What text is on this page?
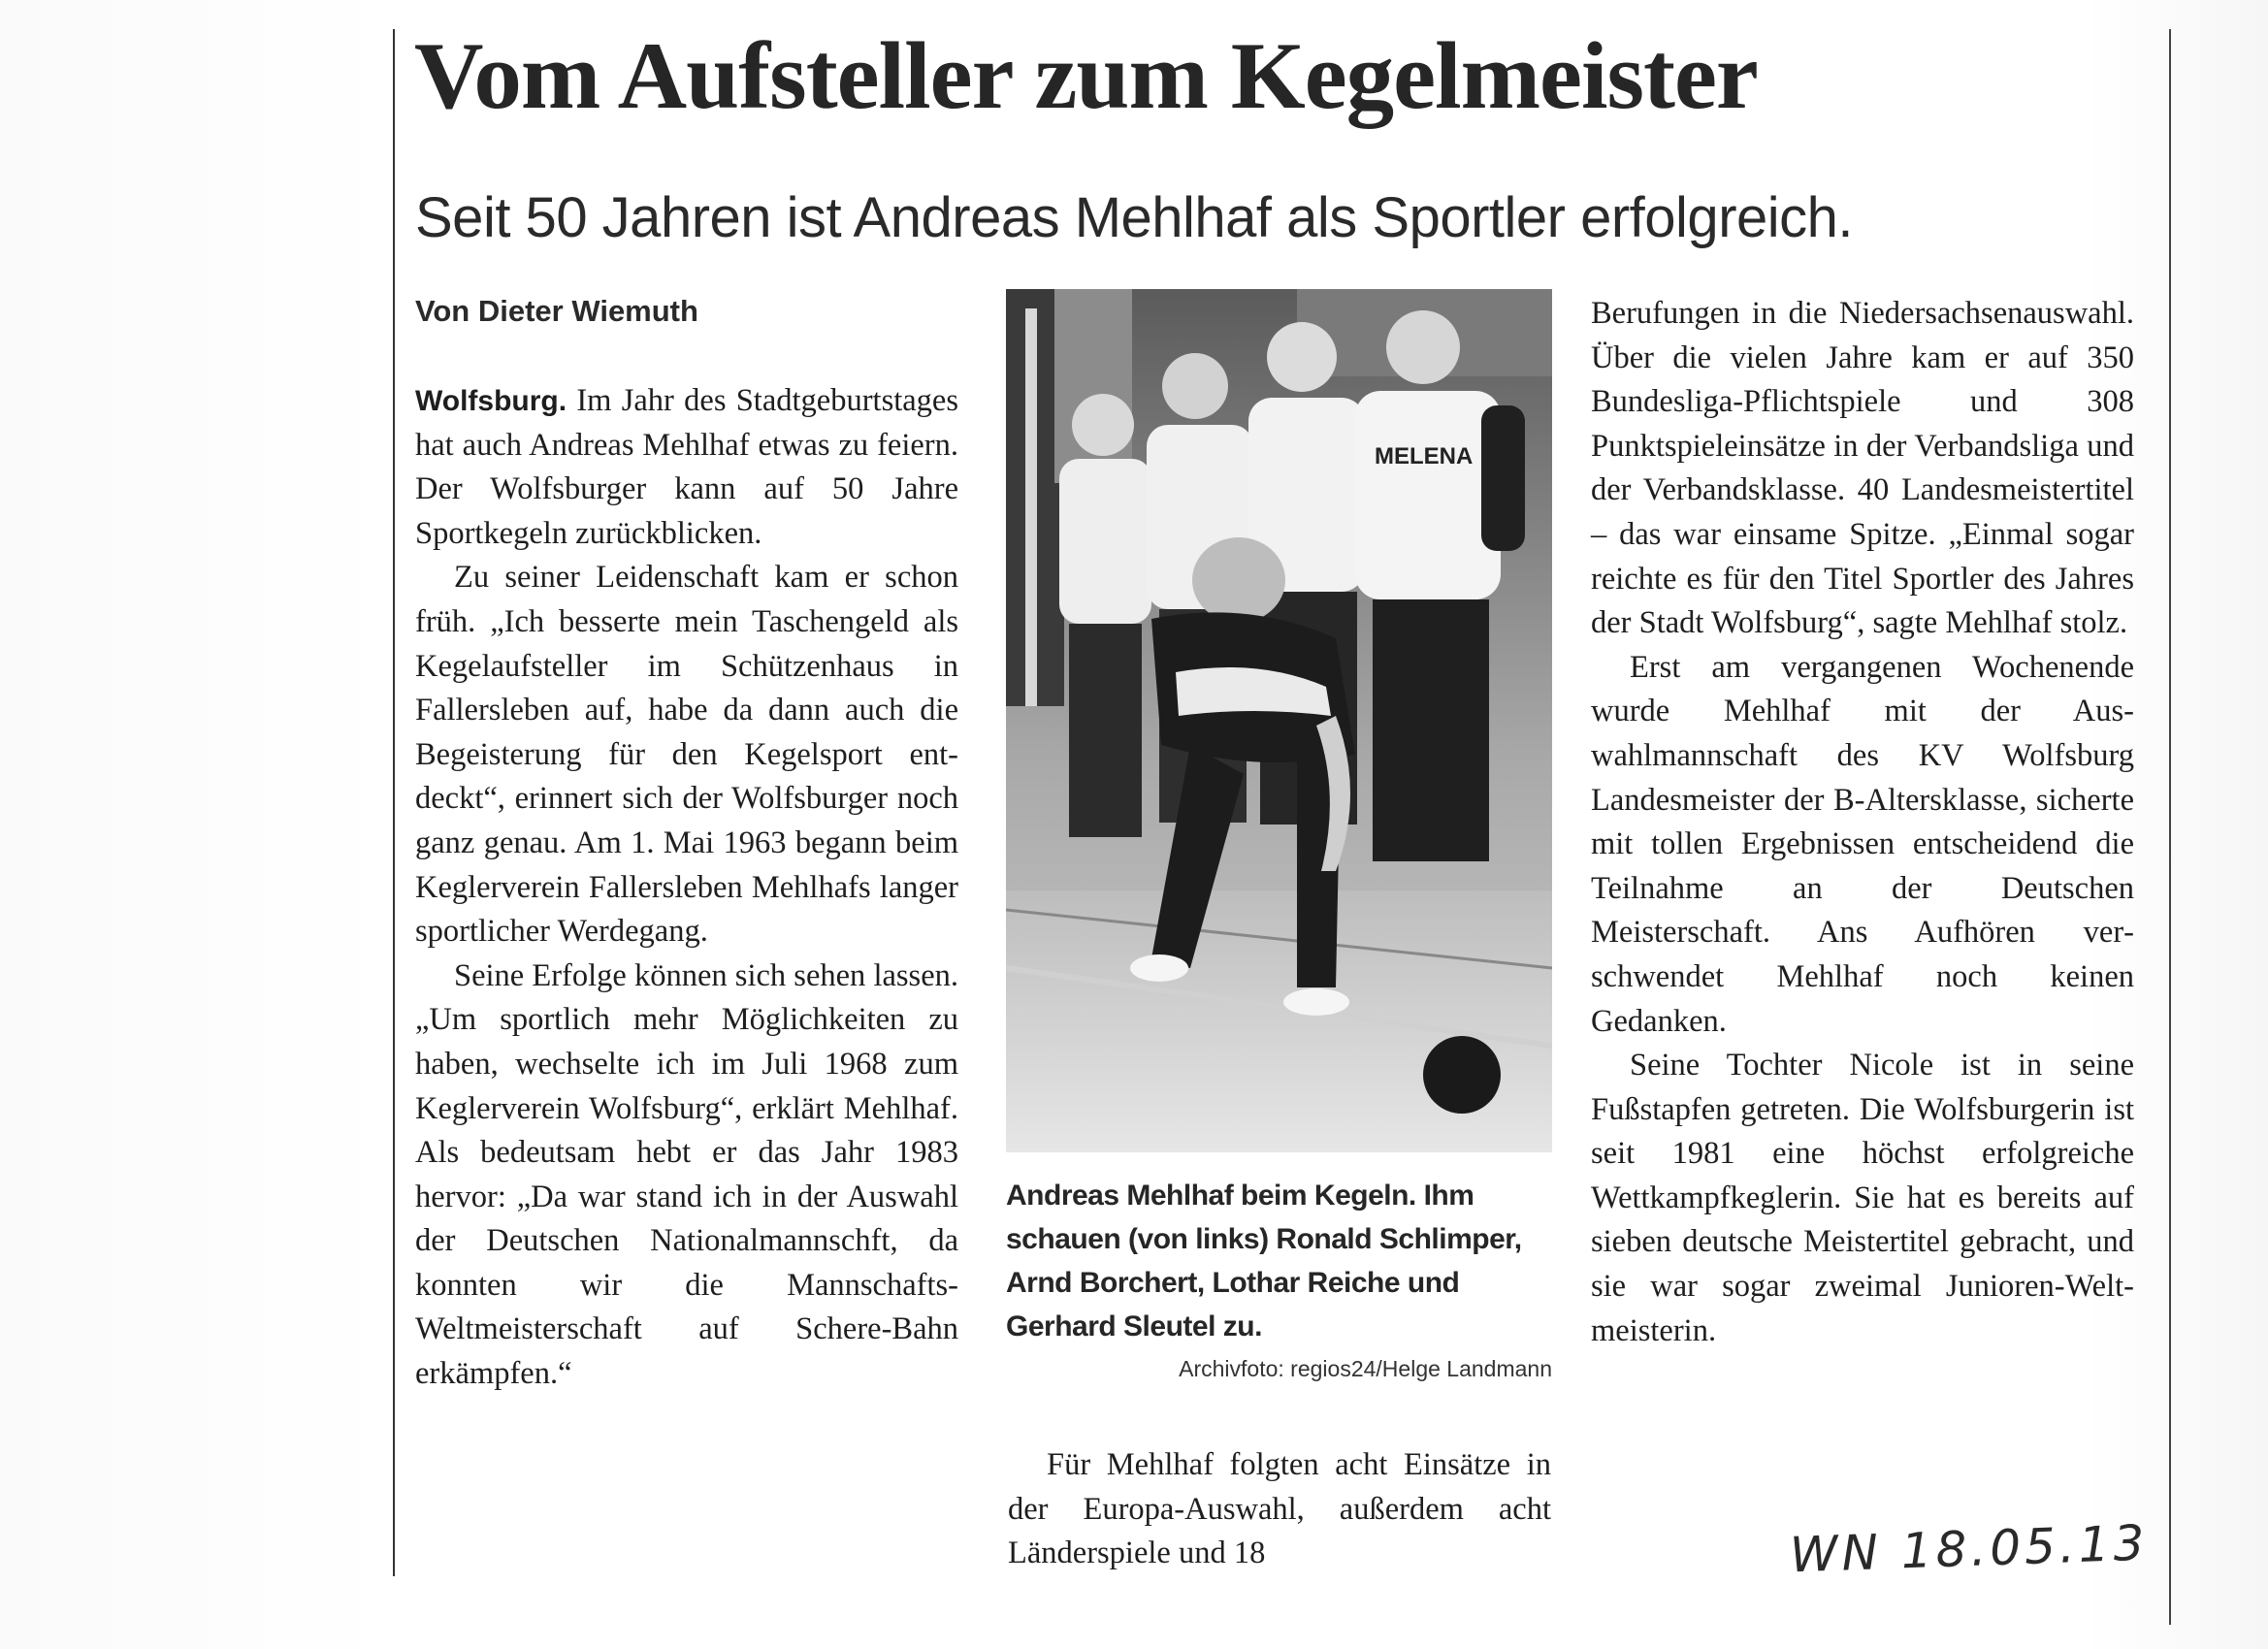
Vom Aufsteller zum Kegelmeister
Seit 50 Jahren ist Andreas Mehlhaf als Sportler erfolgreich.
Von Dieter Wiemuth

Wolfsburg. Im Jahr des Stadtgeburtstages hat auch Andreas Mehlhaf etwas zu feiern. Der Wolfsburger kann auf 50 Jahre Sportkegeln zurückblicken.

Zu seiner Leidenschaft kam er schon früh. „Ich besserte mein Taschengeld als Kegelaufsteller im Schützenhaus in Fallersleben auf, habe da dann auch die Begeisterung für den Kegelsport entdeckt“, erinnert sich der Wolfsburger noch ganz genau. Am 1. Mai 1963 begann beim Keglerverein Fallersleben Mehlhafs langer sportlicher Werdegang.

Seine Erfolge können sich sehen lassen. „Um sportlich mehr Möglichkeiten zu haben, wechselte ich im Juli 1968 zum Keglerverein Wolfsburg“, erklärt Mehlhaf. Als bedeutsam hebt er das Jahr 1983 hervor: „Da war stand ich in der Auswahl der Deutschen Nationalmannschft, da konnten wir die Mannschafts-Weltmeisterschaft auf Schere-Bahn erkämpfen.“

MELENA
Andreas Mehlhaf beim Kegeln. Ihm schauen (von links) Ronald Schlimper, Arnd Borchert, Lothar Reiche und Gerhard Sleutel zu.
Archivfoto: regios24/Helge Landmann

Für Mehlhaf folgten acht Einsätze in der Europa-Auswahl, außerdem acht Länderspiele und 18

Berufungen in die Niedersachsenauswahl. Über die vielen Jahre kam er auf 350 Bundesliga-Pflichtspiele und 308 Punktspieleinsätze in der Verbandsliga und der Verbandsklasse. 40 Landesmeistertitel – das war einsame Spitze. „Einmal sogar reichte es für den Titel Sportler des Jahres der Stadt Wolfsburg“, sagte Mehlhaf stolz.

Erst am vergangenen Wochenende wurde Mehlhaf mit der Auswahlmannschaft des KV Wolfsburg Landesmeister der B-Altersklasse, sicherte mit tollen Ergebnissen entscheidend die Teilnahme an der Deutschen Meisterschaft. Ans Aufhören verschwendet Mehlhaf noch keinen Gedanken.

Seine Tochter Nicole ist in seine Fußstapfen getreten. Die Wolfsburgerin ist seit 1981 eine höchst erfolgreiche Wettkampfkeglerin. Sie hat es bereits auf sieben deutsche Meistertitel gebracht, und sie war sogar zweimal Junioren-Weltmeisterin.

WN 18.05.13
